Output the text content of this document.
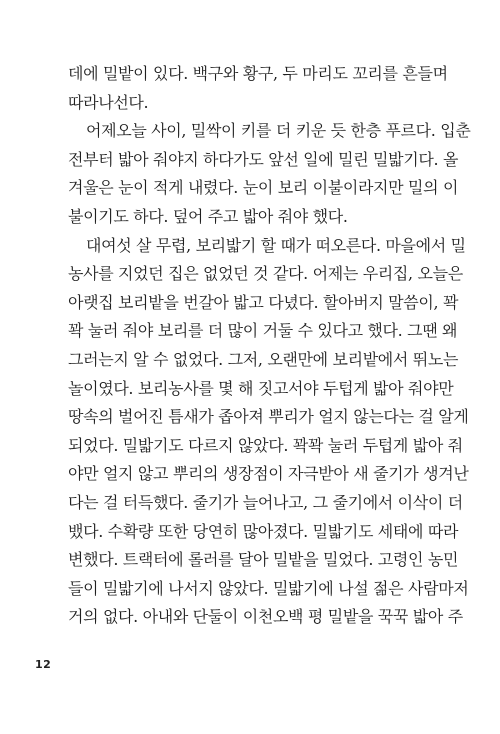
데에 밀밭이 있다. 백구와 황구, 두 마리도 꼬리를 흔들며
따라나선다.

어제오늘 사이, 밀싹이 키를 더 키운 듯 한층 푸르다. 입춘
전부터 밟아 줘야지 하다가도 앞선 일에 밀린 밀밟기다. 올
겨울은 눈이 적게 내렸다. 눈이 보리 이불이라지만 밀의 이
불이기도 하다. 덮어 주고 밟아 줘야 했다.

대여섯 살 무렵, 보리밟기 할 때가 떠오른다. 마을에서 밀
농사를 지었던 집은 없었던 것 같다. 어제는 우리집, 오늘은
아랫집 보리밭을 번갈아 밟고 다녔다. 할아버지 말씀이, 꽉
꽉 눌러 줘야 보리를 더 많이 거둘 수 있다고 했다. 그땐 왜
그러는지 알 수 없었다. 그저, 오랜만에 보리밭에서 뛰노는
놀이였다. 보리농사를 몇 해 짓고서야 두텁게 밟아 줘야만
땅속의 벌어진 틈새가 좁아져 뿌리가 얼지 않는다는 걸 알게
되었다. 밀밟기도 다르지 않았다. 꽉꽉 눌러 두텁게 밟아 줘
야만 얼지 않고 뿌리의 생장점이 자극받아 새 줄기가 생겨난
다는 걸 터득했다. 줄기가 늘어나고, 그 줄기에서 이삭이 더
뱄다. 수확량 또한 당연히 많아졌다. 밀밟기도 세태에 따라
변했다. 트랙터에 롤러를 달아 밀밭을 밀었다. 고령인 농민
들이 밀밟기에 나서지 않았다. 밀밟기에 나설 젊은 사람마저
거의 없다. 아내와 단둘이 이천오백 평 밀밭을 꾹꾹 밟아 주

12
